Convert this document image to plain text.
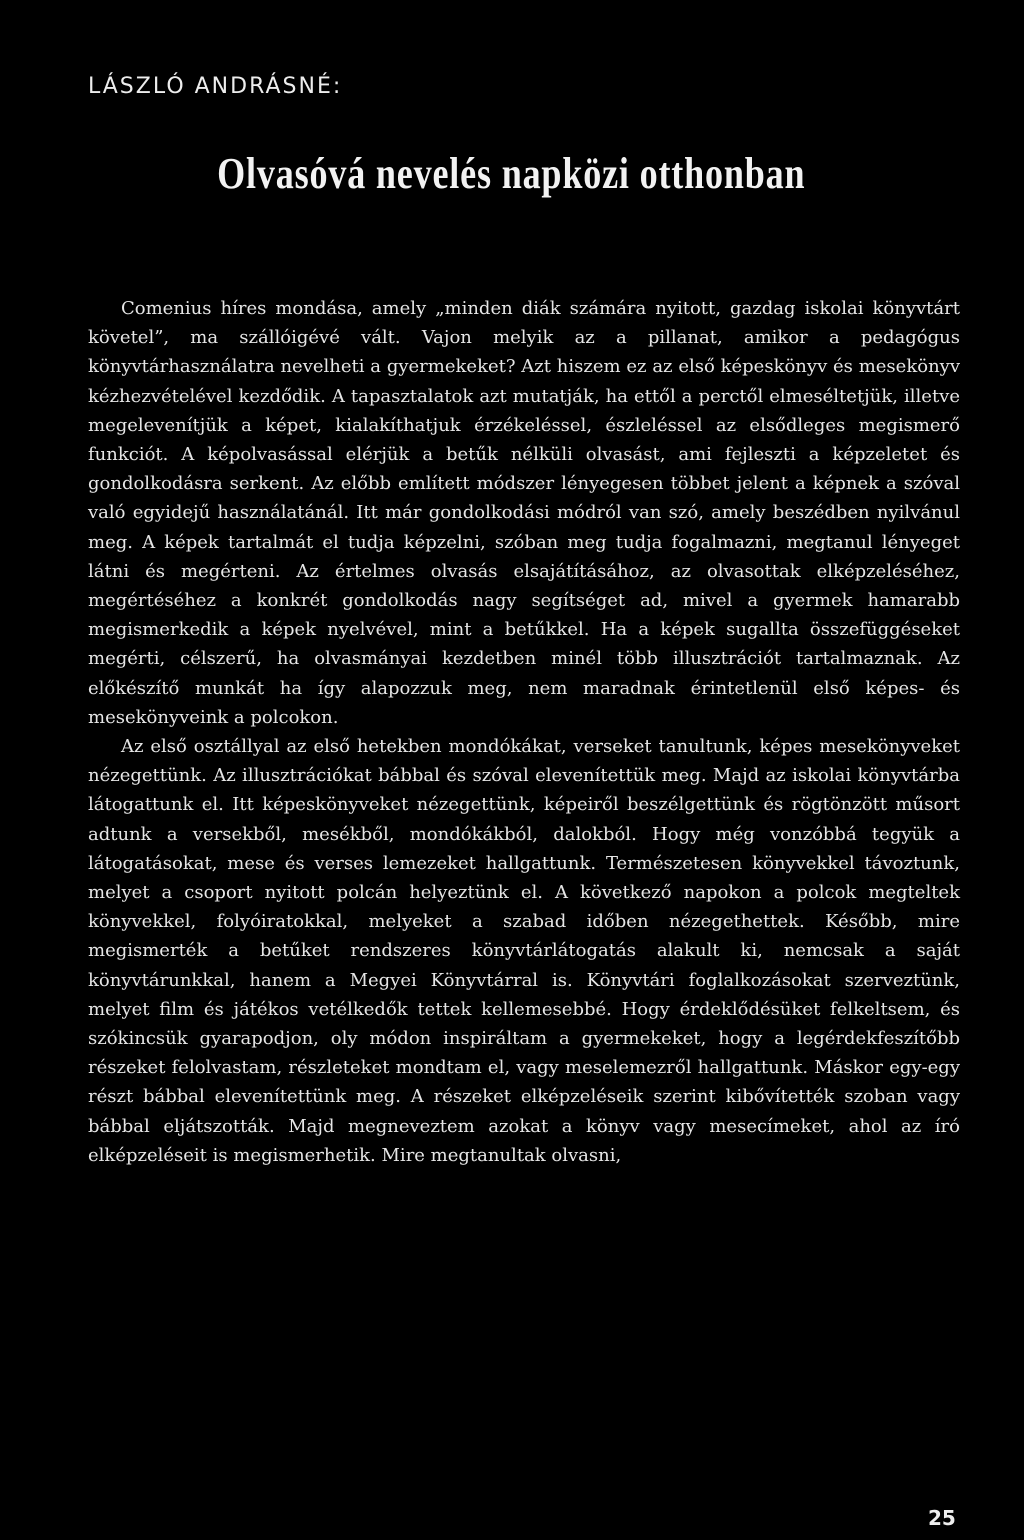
LÁSZLÓ ANDRÁSNÉ:
Olvasóvá nevelés napközi otthonban

Comenius híres mondása, amely „minden diák számára nyitott, gazdag iskolai könyvtárt követel”, ma szállóigévé vált. Vajon melyik az a pillanat, amikor a pedagógus könyvtárhasználatra nevelheti a gyermekeket? Azt hiszem ez az első képeskönyv és mesekönyv kézhezvételével kezdődik. A tapasztalatok azt mutatják, ha ettől a perctől elmeséltetjük, illetve megelevenítjük a képet, kialakíthatjuk érzékeléssel, észleléssel az elsődleges megismerő funkciót. A képolvasással elérjük a betűk nélküli olvasást, ami fejleszti a képzeletet és gondolkodásra serkent. Az előbb említett módszer lényegesen többet jelent a képnek a szóval való egyidejű használatánál. Itt már gondolkodási módról van szó, amely beszédben nyilvánul meg. A képek tartalmát el tudja képzelni, szóban meg tudja fogalmazni, megtanul lényeget látni és megérteni. Az értelmes olvasás elsajátításához, az olvasottak elképzeléséhez, megértéséhez a konkrét gondolkodás nagy segítséget ad, mivel a gyermek hamarabb megismerkedik a képek nyelvével, mint a betűkkel. Ha a képek sugallta összefüggéseket megérti, célszerű, ha olvasmányai kezdetben minél több illusztrációt tartalmaznak. Az előkészítő munkát ha így alapozzuk meg, nem maradnak érintetlenül első képes- és mesekönyveink a polcokon.

Az első osztállyal az első hetekben mondókákat, verseket tanultunk, képes mesekönyveket nézegettünk. Az illusztrációkat bábbal és szóval elevenítettük meg. Majd az iskolai könyvtárba látogattunk el. Itt képeskönyveket nézegettünk, képeiről beszélgettünk és rögtönzött műsort adtunk a versekből, mesékből, mondókákból, dalokból. Hogy még vonzóbbá tegyük a látogatásokat, mese és verses lemezeket hallgattunk. Természetesen könyvekkel távoztunk, melyet a csoport nyitott polcán helyeztünk el. A következő napokon a polcok megteltek könyvekkel, folyóiratokkal, melyeket a szabad időben nézegethettek. Később, mire megismerték a betűket rendszeres könyvtárlátogatás alakult ki, nemcsak a saját könyvtárunkkal, hanem a Megyei Könyvtárral is. Könyvtári foglalkozásokat szerveztünk, melyet film és játékos vetélkedők tettek kellemesebbé. Hogy érdeklődésüket felkeltsem, és szókincsük gyarapodjon, oly módon inspiráltam a gyermekeket, hogy a legérdekfeszítőbb részeket felolvastam, részleteket mondtam el, vagy meselemezről hallgattunk. Máskor egy-egy részt bábbal elevenítettünk meg. A részeket elképzeléseik szerint kibővítették szoban vagy bábbal eljátszották. Majd megneveztem azokat a könyv vagy mesecímeket, ahol az író elképzeléseit is megismerhetik. Mire megtanultak olvasni,

25
